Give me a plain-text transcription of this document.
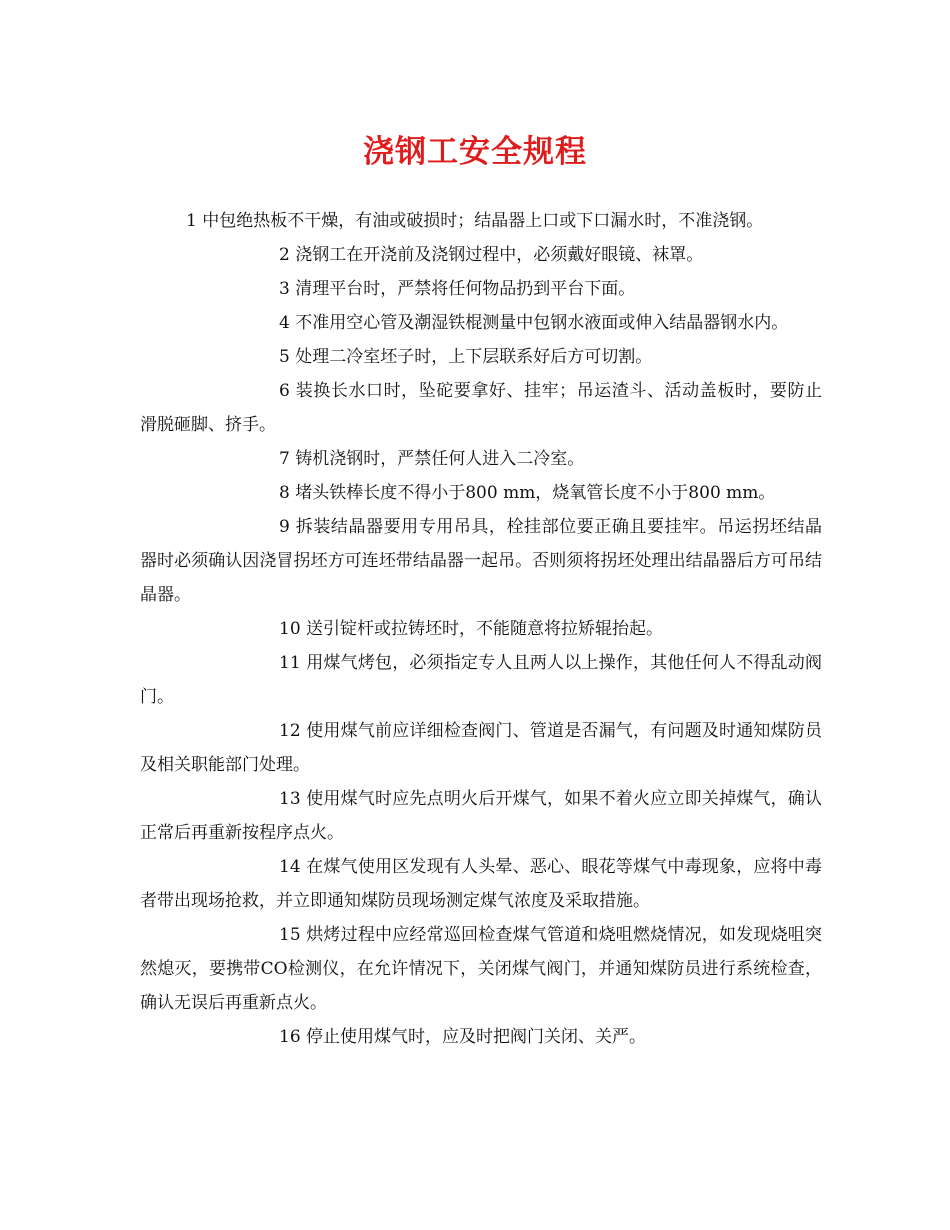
浇钢工安全规程

1 中包绝热板不干燥，有油或破损时；结晶器上口或下口漏水时，不准浇钢。

2 浇钢工在开浇前及浇钢过程中，必须戴好眼镜、袜罩。

3 清理平台时，严禁将任何物品扔到平台下面。

4 不准用空心管及潮湿铁棍测量中包钢水液面或伸入结晶器钢水内。

5 处理二冷室坯子时，上下层联系好后方可切割。

6 装换长水口时，坠砣要拿好、挂牢；吊运渣斗、活动盖板时，要防止滑脱砸脚、挤手。

7 铸机浇钢时，严禁任何人进入二冷室。

8 堵头铁棒长度不得小于800 mm，烧氧管长度不小于800 mm。

9 拆装结晶器要用专用吊具，栓挂部位要正确且要挂牢。吊运拐坯结晶器时必须确认因浇冒拐坯方可连坯带结晶器一起吊。否则须将拐坯处理出结晶器后方可吊结晶器。

10 送引锭杆或拉铸坯时，不能随意将拉矫辊抬起。

11 用煤气烤包，必须指定专人且两人以上操作，其他任何人不得乱动阀门。

12 使用煤气前应详细检查阀门、管道是否漏气，有问题及时通知煤防员及相关职能部门处理。

13 使用煤气时应先点明火后开煤气，如果不着火应立即关掉煤气，确认正常后再重新按程序点火。

14 在煤气使用区发现有人头晕、恶心、眼花等煤气中毒现象，应将中毒者带出现场抢救，并立即通知煤防员现场测定煤气浓度及采取措施。

15 烘烤过程中应经常巡回检查煤气管道和烧咀燃烧情况，如发现烧咀突然熄灭，要携带CO检测仪，在允许情况下，关闭煤气阀门，并通知煤防员进行系统检查，确认无误后再重新点火。

16 停止使用煤气时，应及时把阀门关闭、关严。
